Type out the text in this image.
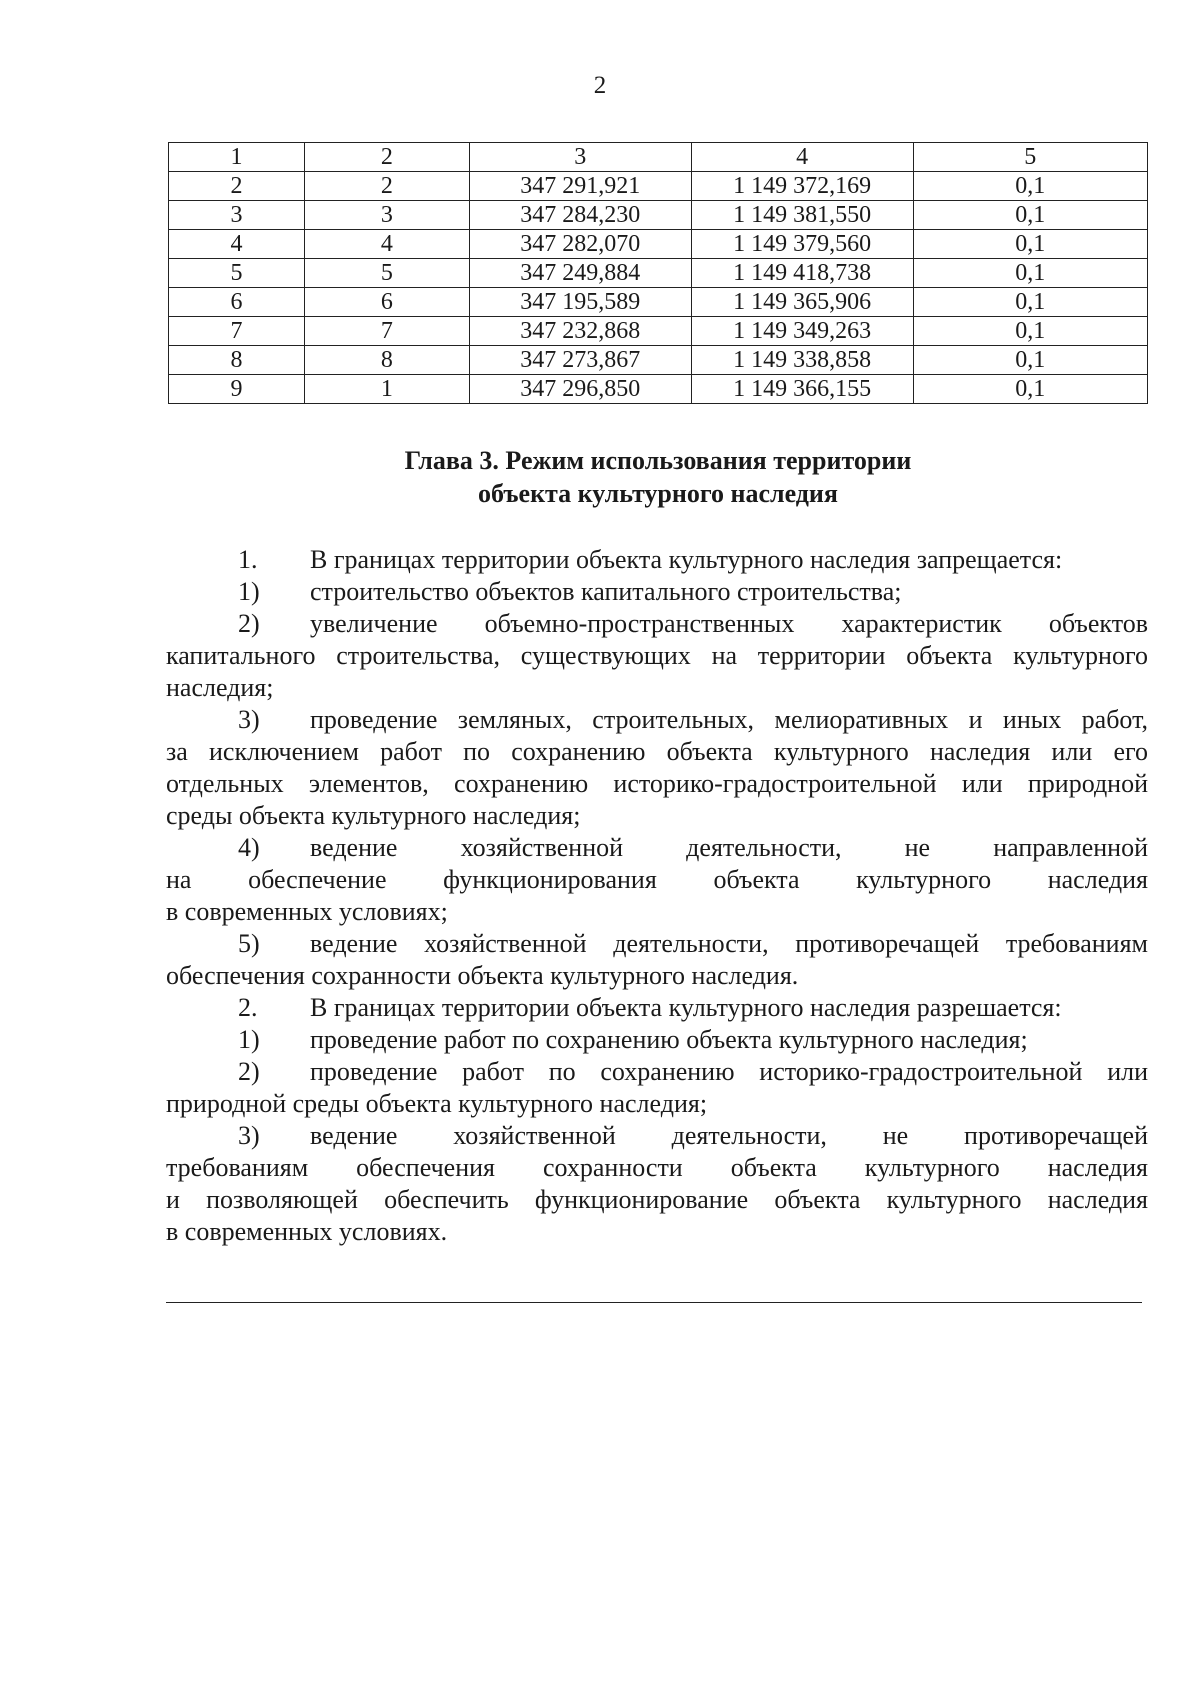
2
1	2	3	4	5
2	2	347 291,921	1 149 372,169	0,1
3	3	347 284,230	1 149 381,550	0,1
4	4	347 282,070	1 149 379,560	0,1
5	5	347 249,884	1 149 418,738	0,1
6	6	347 195,589	1 149 365,906	0,1
7	7	347 232,868	1 149 349,263	0,1
8	8	347 273,867	1 149 338,858	0,1
9	1	347 296,850	1 149 366,155	0,1
Глава 3. Режим использования территории
объекта культурного наследия
1. В границах территории объекта культурного наследия запрещается:
1) строительство объектов капитального строительства;
2) увеличение объемно-пространственных характеристик объектов
капитального строительства, существующих на территории объекта культурного
наследия;
3) проведение земляных, строительных, мелиоративных и иных работ,
за исключением работ по сохранению объекта культурного наследия или его
отдельных элементов, сохранению историко-градостроительной или природной
среды объекта культурного наследия;
4) ведение хозяйственной деятельности, не направленной
на обеспечение функционирования объекта культурного наследия
в современных условиях;
5) ведение хозяйственной деятельности, противоречащей требованиям
обеспечения сохранности объекта культурного наследия.
2. В границах территории объекта культурного наследия разрешается:
1) проведение работ по сохранению объекта культурного наследия;
2) проведение работ по сохранению историко-градостроительной или
природной среды объекта культурного наследия;
3) ведение хозяйственной деятельности, не противоречащей
требованиям обеспечения сохранности объекта культурного наследия
и позволяющей обеспечить функционирование объекта культурного наследия
в современных условиях.
